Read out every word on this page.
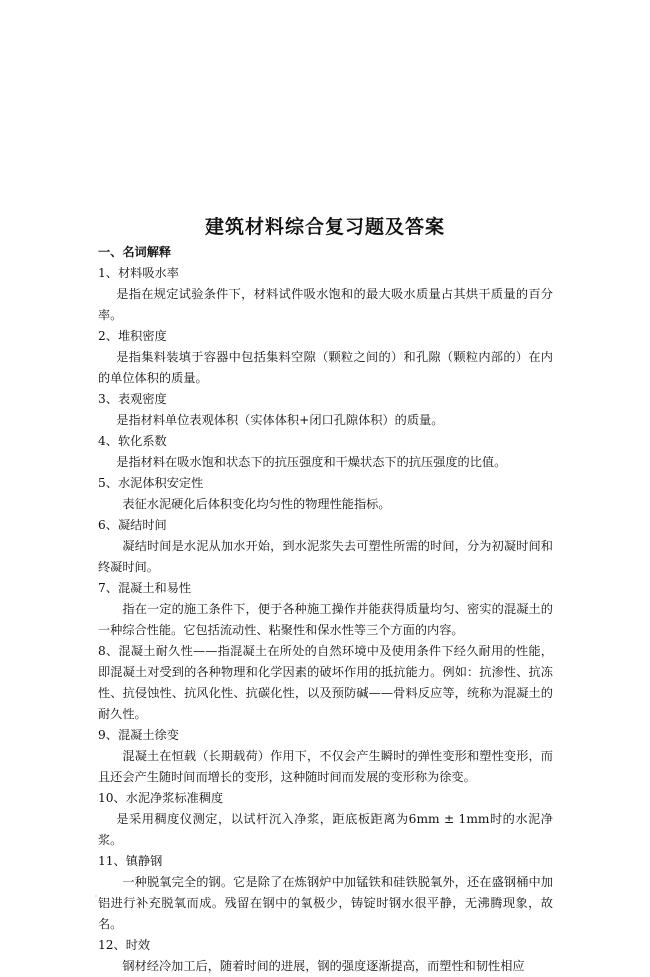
建筑材料综合复习题及答案

一、名词解释

1、材料吸水率

是指在规定试验条件下，材料试件吸水饱和的最大吸水质量占其烘干质量的百分率。

2、堆积密度

是指集料装填于容器中包括集料空隙（颗粒之间的）和孔隙（颗粒内部的）在内的单位体积的质量。

3、表观密度

是指材料单位表观体积（实体体积+闭口孔隙体积）的质量。

4、软化系数

是指材料在吸水饱和状态下的抗压强度和干燥状态下的抗压强度的比值。

5、水泥体积安定性

表征水泥硬化后体积变化均匀性的物理性能指标。

6、凝结时间

凝结时间是水泥从加水开始，到水泥浆失去可塑性所需的时间，分为初凝时间和终凝时间。

7、混凝土和易性

指在一定的施工条件下，便于各种施工操作并能获得质量均匀、密实的混凝土的一种综合性能。它包括流动性、粘聚性和保水性等三个方面的内容。

8、混凝土耐久性——指混凝土在所处的自然环境中及使用条件下经久耐用的性能，即混凝土对受到的各种物理和化学因素的破坏作用的抵抗能力。例如：抗渗性、抗冻性、抗侵蚀性、抗风化性、抗碳化性，以及预防碱——骨料反应等，统称为混凝土的耐久性。

9、混凝土徐变

混凝土在恒载（长期载荷）作用下，不仅会产生瞬时的弹性变形和塑性变形，而且还会产生随时间而增长的变形，这种随时间而发展的变形称为徐变。

10、水泥净浆标准稠度

是采用稠度仪测定，以试杆沉入净浆，距底板距离为6mm ± 1mm时的水泥净浆。

11、镇静钢

一种脱氧完全的钢。它是除了在炼钢炉中加锰铁和硅铁脱氧外，还在盛钢桶中加铝进行补充脱氧而成。残留在钢中的氧极少，铸锭时钢水很平静，无沸腾现象，故名。

12、时效

钢材经冷加工后，随着时间的进展，钢的强度逐渐提高，而塑性和韧性相应
